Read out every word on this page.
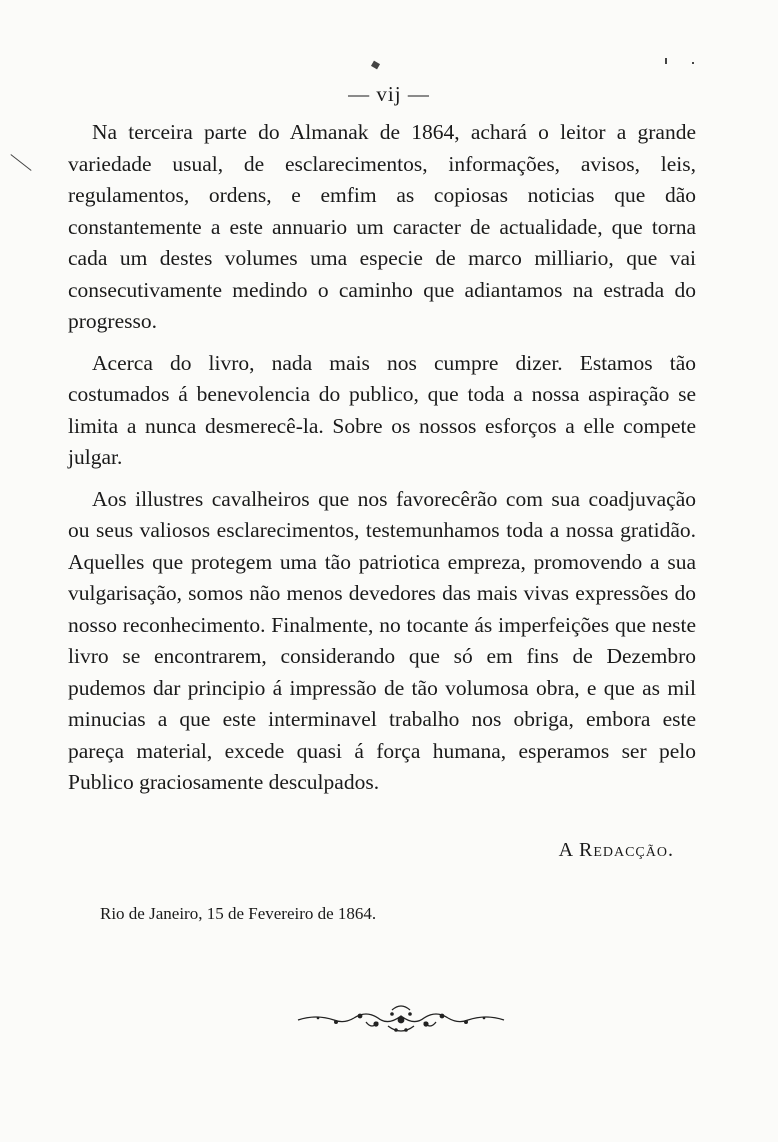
— vij —

Na terceira parte do Almanak de 1864, achará o leitor a grande variedade usual, de esclarecimentos, informações, avisos, leis, regulamentos, ordens, e emfim as copiosas noticias que dão constantemente a este annuario um caracter de actualidade, que torna cada um destes volumes uma especie de marco milliario, que vai consecutivamente medindo o caminho que adiantamos na estrada do progresso.

Acerca do livro, nada mais nos cumpre dizer. Estamos tão costumados á benevolencia do publico, que toda a nossa aspiração se limita a nunca desmerecê-la. Sobre os nossos esforços a elle compete julgar.

Aos illustres cavalheiros que nos favorecêrão com sua coadjuvação ou seus valiosos esclarecimentos, testemunhamos toda a nossa gratidão. Aquelles que protegem uma tão patriotica empreza, promovendo a sua vulgarisação, somos não menos devedores das mais vivas expressões do nosso reconhecimento. Finalmente, no tocante ás imperfeições que neste livro se encontrarem, considerando que só em fins de Dezembro pudemos dar principio á impressão de tão volumosa obra, e que as mil minucias a que este interminavel trabalho nos obriga, embora este pareça material, excede quasi á força humana, esperamos ser pelo Publico graciosamente desculpados.

A Redacção.
Rio de Janeiro, 15 de Fevereiro de 1864.
